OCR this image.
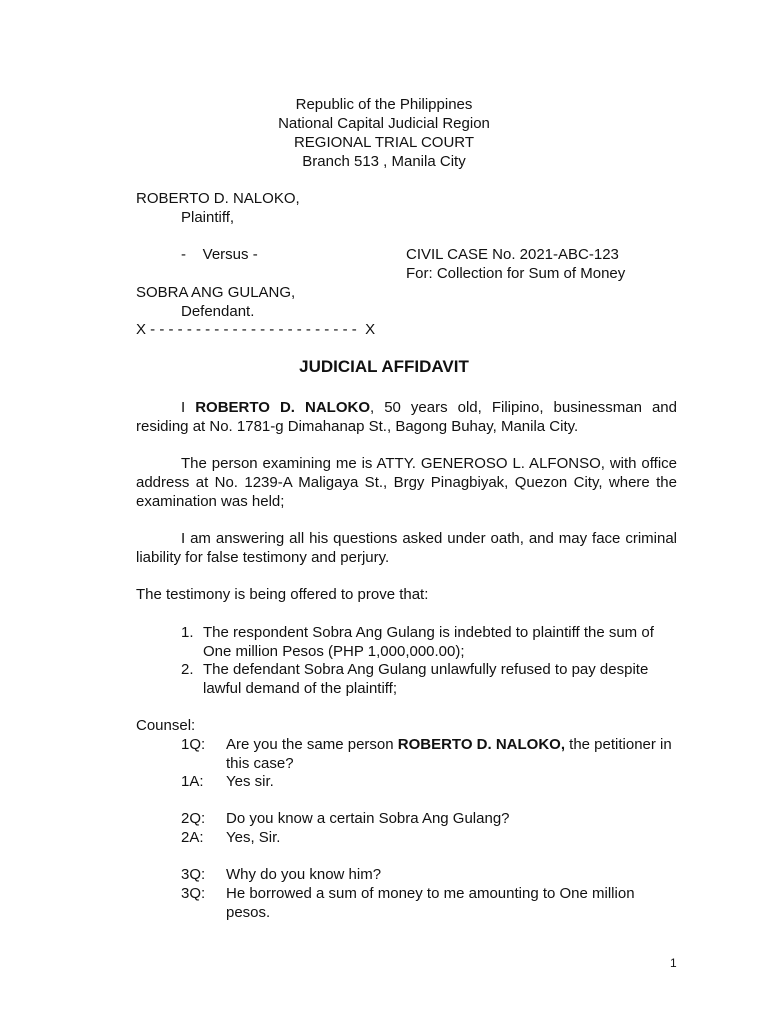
Republic of the Philippines
National Capital Judicial Region
REGIONAL TRIAL COURT
Branch 513 , Manila City
ROBERTO D. NALOKO,
Plaintiff,
-    Versus -	CIVIL CASE No. 2021-ABC-123
For: Collection for Sum of Money
SOBRA ANG GULANG,
Defendant.
X - - - - - - - - - - - - - - - - - - - - - - -  X
JUDICIAL AFFIDAVIT
I ROBERTO D. NALOKO, 50 years old, Filipino, businessman and residing at No. 1781-g Dimahanap St., Bagong Buhay, Manila City.
The person examining me is ATTY. GENEROSO L. ALFONSO, with office address at No. 1239-A Maligaya St., Brgy Pinagbiyak, Quezon City, where the examination was held;
I am answering all his questions asked under oath, and may face criminal liability for false testimony and perjury.
The testimony is being offered to prove that:
1. The respondent Sobra Ang Gulang is indebted to plaintiff the sum of One million Pesos (PHP 1,000,000.00);
2. The defendant Sobra Ang Gulang unlawfully refused to pay despite lawful demand of the plaintiff;
Counsel:
1Q: Are you the same person ROBERTO D. NALOKO, the petitioner in this case?
1A: Yes sir.
2Q: Do you know a certain Sobra Ang Gulang?
2A: Yes, Sir.
3Q: Why do you know him?
3Q: He borrowed a sum of money to me amounting to One million pesos.
1
